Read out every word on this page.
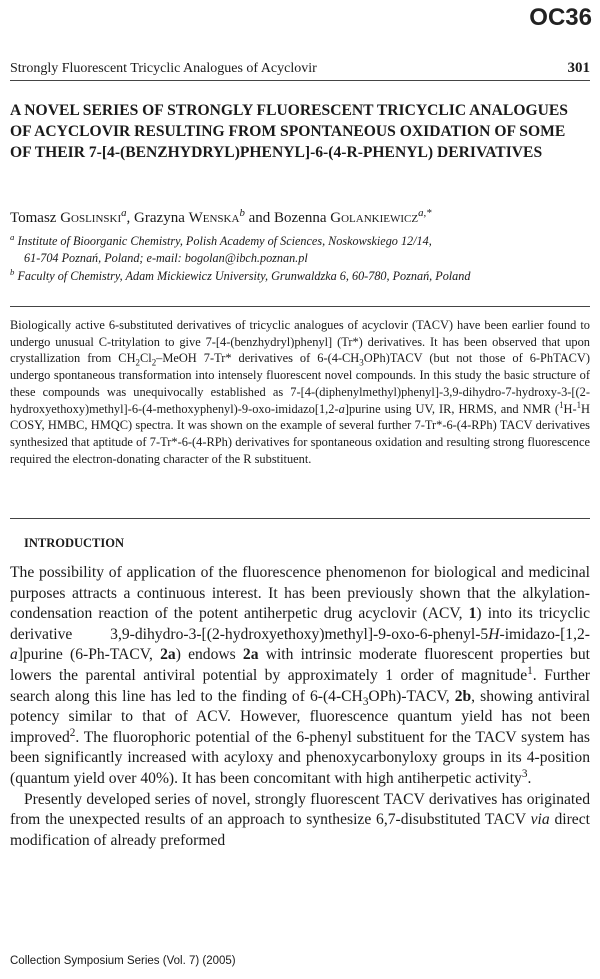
OC36
Strongly Fluorescent Tricyclic Analogues of Acyclovir	301
A NOVEL SERIES OF STRONGLY FLUORESCENT TRICYCLIC ANALOGUES OF ACYCLOVIR RESULTING FROM SPONTANEOUS OXIDATION OF SOME OF THEIR 7-[4-(BENZHYDRYL)PHENYL]-6-(4-R-PHENYL) DERIVATIVES

Tomasz Goslinski$^a$, Grazyna Wenska$^b$ and Bozenna Golankiewicz$^{a,*}$

$^a$ Institute of Bioorganic Chemistry, Polish Academy of Sciences, Noskowskiego 12/14,
61-704 Poznań, Poland; e-mail: bogolan@ibch.poznan.pl

$^b$ Faculty of Chemistry, Adam Mickiewicz University, Grunwaldzka 6, 60-780, Poznań, Poland

Biologically active 6-substituted derivatives of tricyclic analogues of acyclovir (TACV) have been earlier found to undergo unusual C-tritylation to give 7-[4-(benzhydryl)phenyl] (Tr*) derivatives. It has been observed that upon crystallization from $CH_2Cl_2$–MeOH 7-Tr* derivatives of $6-(4-CH_3OPh)TACV$ (but not those of 6-PhTACV) undergo spontaneous transformation into intensely fluorescent novel compounds. In this study the basic structure of these compounds was unequivocally established as 7-[4-(diphenylmethyl)phenyl]-3,9-dihydro-7-hydroxy-3-[(2-hydroxyethoxy)methyl]-6-(4-methoxyphenyl)-9-oxo-imidazo[1,2-a]purine using UV, IR, HRMS, and NMR ($^1$H-$^1$H COSY, HMBC, HMQC) spectra. It was shown on the example of several further 7-Tr*-6-(4-RPh) TACV derivatives synthesized that aptitude of 7-Tr*-6-(4-RPh) derivatives for spontaneous oxidation and resulting strong fluorescence required the electron-donating character of the R substituent.

INTRODUCTION

The possibility of application of the fluorescence phenomenon for biological and medicinal purposes attracts a continuous interest. It has been previously shown that the alkylation-condensation reaction of the potent antiherpetic drug acyclovir (ACV, 1) into its tricyclic derivative 3,9-dihydro-3-[(2-hydroxyethoxy)methyl]-9-oxo-6-phenyl-5H-imidazo-[1,2-a]purine (6-Ph-TACV, 2a) endows 2a with intrinsic moderate fluorescent properties but lowers the parental antiviral potential by approximately 1 order of magnitude$^1$. Further search along this line has led to the finding of $6-(4-CH_3OPh)$-TACV, 2b, showing antiviral potency similar to that of ACV. However, fluorescence quantum yield has not been improved$^2$. The fluorophoric potential of the 6-phenyl substituent for the TACV system has been significantly increased with acyloxy and phenoxycarbonyloxy groups in its 4-position (quantum yield over 40%). It has been concomitant with high antiherpetic activity$^3$.

Presently developed series of novel, strongly fluorescent TACV derivatives has originated from the unexpected results of an approach to synthesize 6,7-disubstituted TACV via direct modification of already preformed

Collection Symposium Series (Vol. 7) (2005)
